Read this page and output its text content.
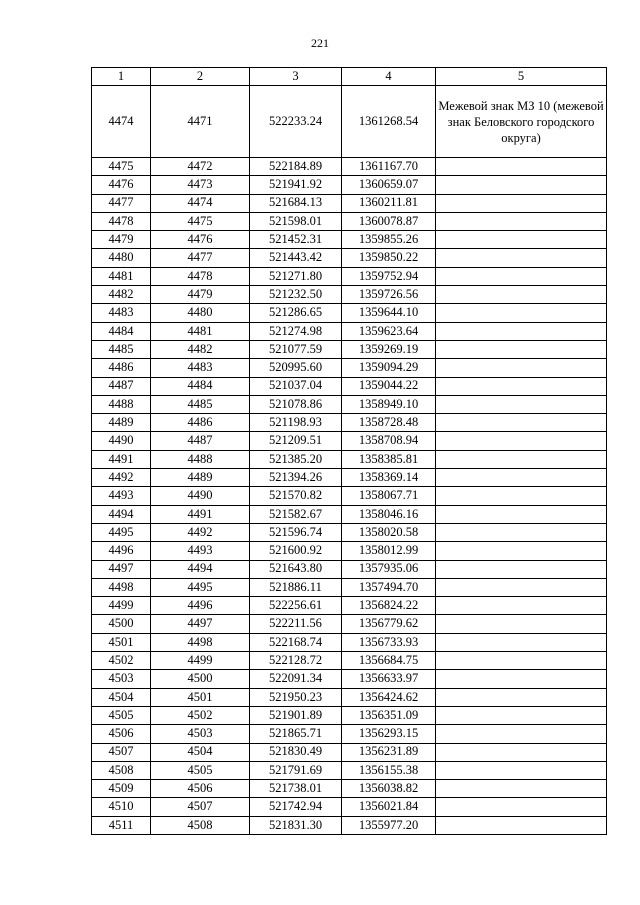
221
1	2	3	4	5
4474	4471	522233.24	1361268.54	Межевой знак МЗ 10 (межевой знак Беловского городского округа)
4475	4472	522184.89	1361167.70	
4476	4473	521941.92	1360659.07	
4477	4474	521684.13	1360211.81	
4478	4475	521598.01	1360078.87	
4479	4476	521452.31	1359855.26	
4480	4477	521443.42	1359850.22	
4481	4478	521271.80	1359752.94	
4482	4479	521232.50	1359726.56	
4483	4480	521286.65	1359644.10	
4484	4481	521274.98	1359623.64	
4485	4482	521077.59	1359269.19	
4486	4483	520995.60	1359094.29	
4487	4484	521037.04	1359044.22	
4488	4485	521078.86	1358949.10	
4489	4486	521198.93	1358728.48	
4490	4487	521209.51	1358708.94	
4491	4488	521385.20	1358385.81	
4492	4489	521394.26	1358369.14	
4493	4490	521570.82	1358067.71	
4494	4491	521582.67	1358046.16	
4495	4492	521596.74	1358020.58	
4496	4493	521600.92	1358012.99	
4497	4494	521643.80	1357935.06	
4498	4495	521886.11	1357494.70	
4499	4496	522256.61	1356824.22	
4500	4497	522211.56	1356779.62	
4501	4498	522168.74	1356733.93	
4502	4499	522128.72	1356684.75	
4503	4500	522091.34	1356633.97	
4504	4501	521950.23	1356424.62	
4505	4502	521901.89	1356351.09	
4506	4503	521865.71	1356293.15	
4507	4504	521830.49	1356231.89	
4508	4505	521791.69	1356155.38	
4509	4506	521738.01	1356038.82	
4510	4507	521742.94	1356021.84	
4511	4508	521831.30	1355977.20	
